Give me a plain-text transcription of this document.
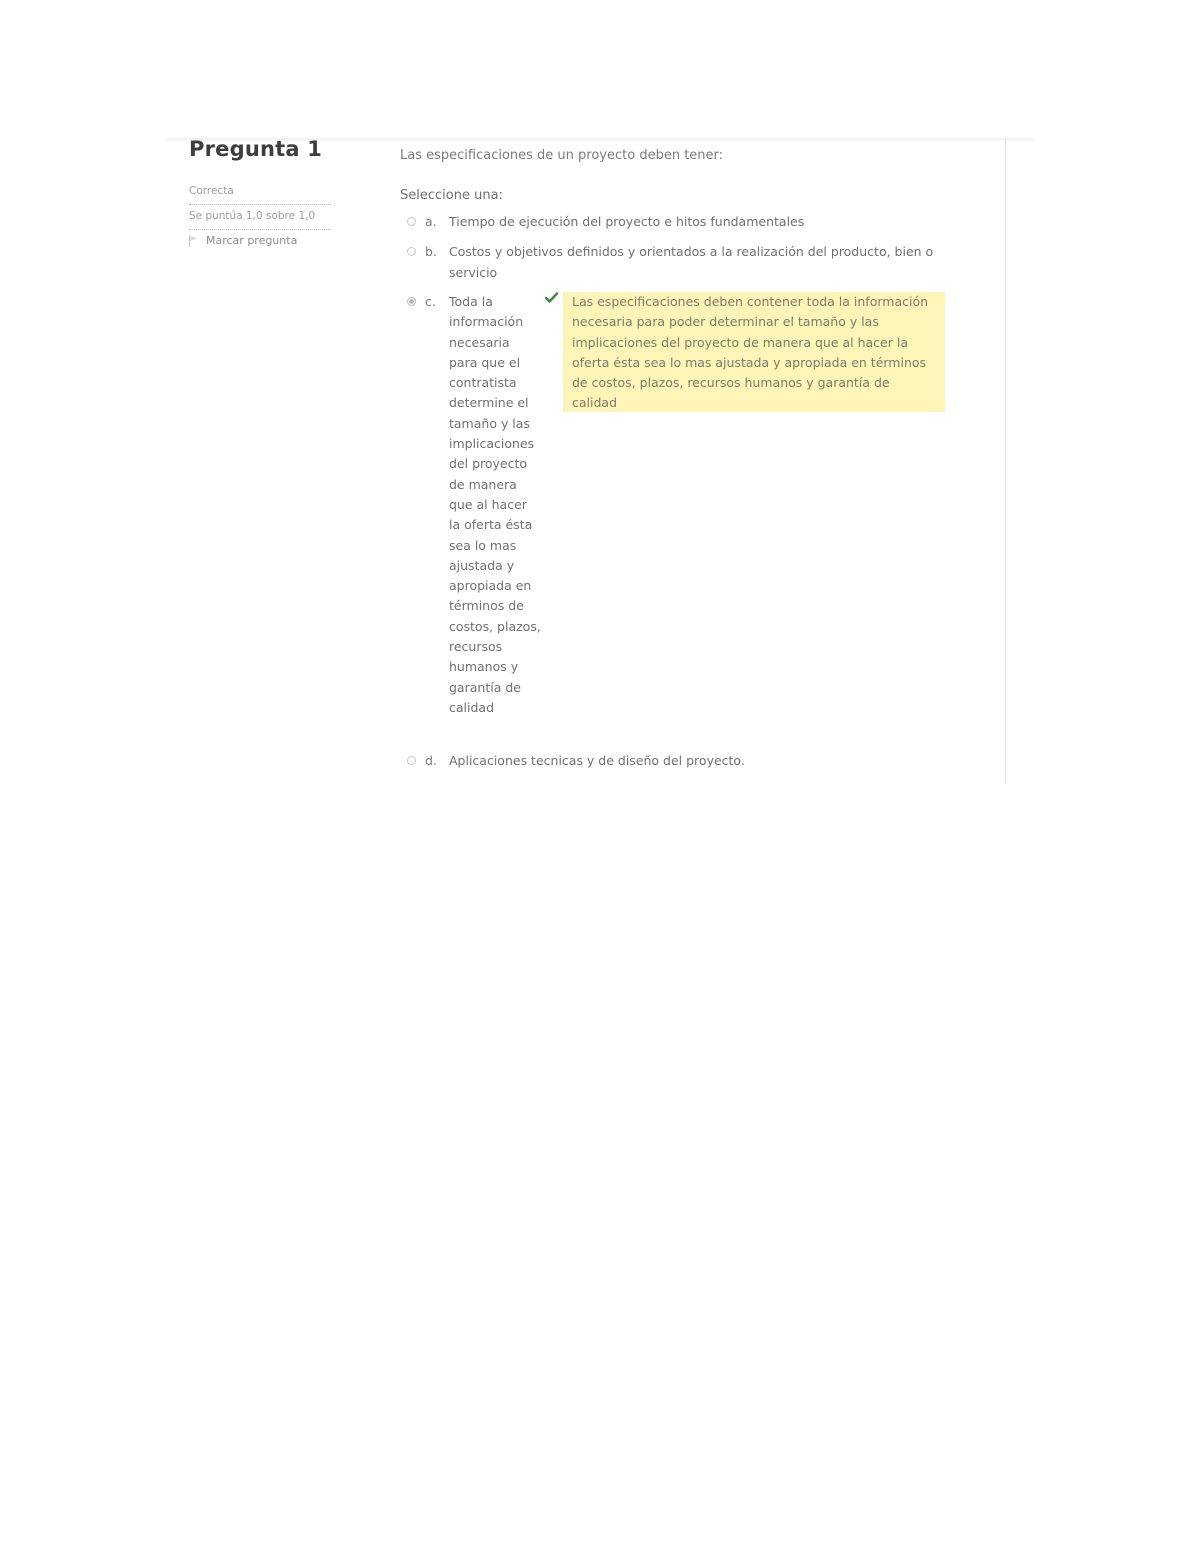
Pregunta 1
Correcta
Se puntúa 1,0 sobre 1,0
Marcar pregunta
Las especificaciones de un proyecto deben tener:
Seleccione una:
a. Tiempo de ejecución del proyecto e hitos fundamentales
b. Costos y objetivos definidos y orientados a la realización del producto, bien o servicio
c.	Toda la información necesaria para que el contratista determine el tamaño y las implicaciones del proyecto de manera que al hacer la oferta ésta sea lo mas ajustada y apropiada en términos de costos, plazos, recursos humanos y garantía de calidad
Las especificaciones deben contener toda la información necesaria para poder determinar el tamaño y las implicaciones del proyecto de manera que al hacer la oferta ésta sea lo mas ajustada y apropiada en términos de costos, plazos, recursos humanos y garantía de calidad
d. Aplicaciones tecnicas y de diseño del proyecto.
